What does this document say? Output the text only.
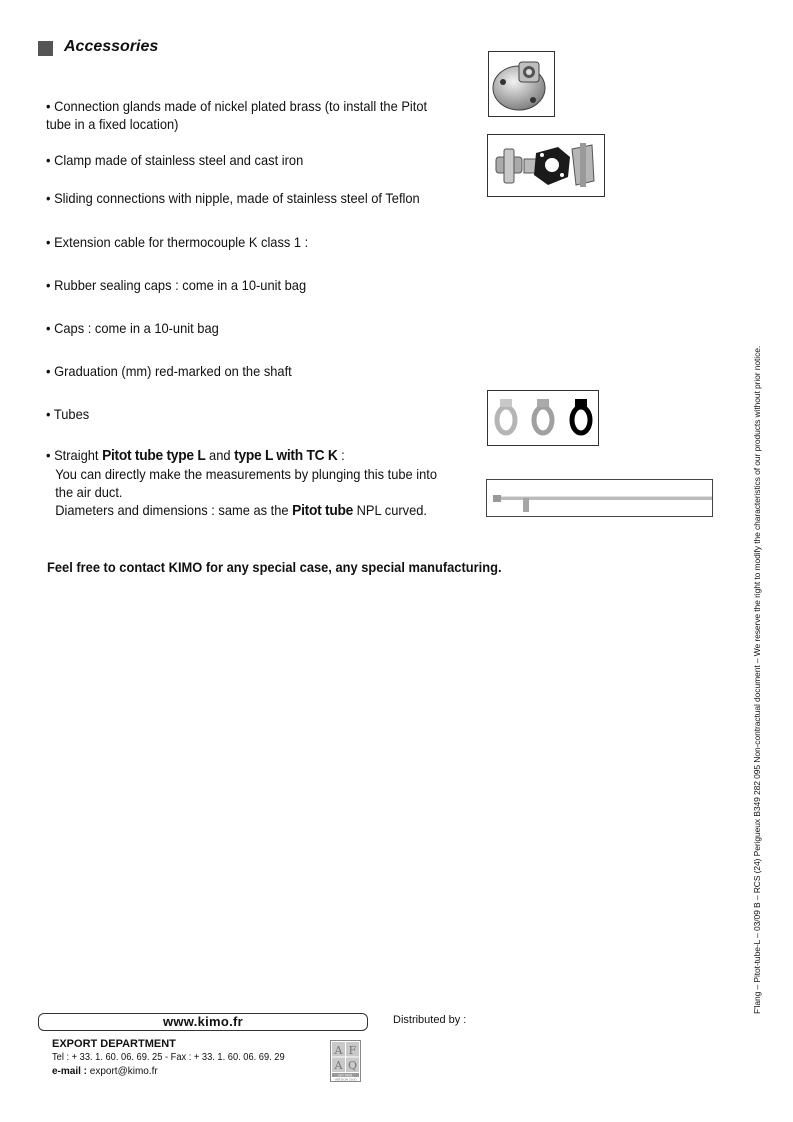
Accessories
• Connection glands made of nickel plated brass (to install the Pitot tube in a fixed location)
• Clamp made of stainless steel and cast iron
• Sliding connections with nipple, made of stainless steel of Teflon
• Extension cable for thermocouple K class 1 :
• Rubber sealing caps : come in a 10-unit bag
• Caps : come in a 10-unit bag
• Graduation (mm) red-marked on the shaft
• Tubes
• Straight Pitot tube type L and type L with TC K :
You can directly make the measurements by plunging this tube into the air duct.
Diameters and dimensions : same as the Pitot tube NPL curved.
Feel free to contact KIMO for any special case, any special manufacturing.	F'lang – Pitot-tube-L – 03/09 B – RCS (24) Perigueux B349 282 095 Non-contractual document – We reserve the right to modify the characteristics of our products without prior notice.
www.kimo.fr	Distributed by :
EXPORT DEPARTMENT
Tel : + 33. 1. 60. 06. 69. 25 - Fax : + 33. 1. 60. 06. 69. 29
e-mail : export@kimo.fr
A F
A Q
ISO 9001
VERSION 2000
